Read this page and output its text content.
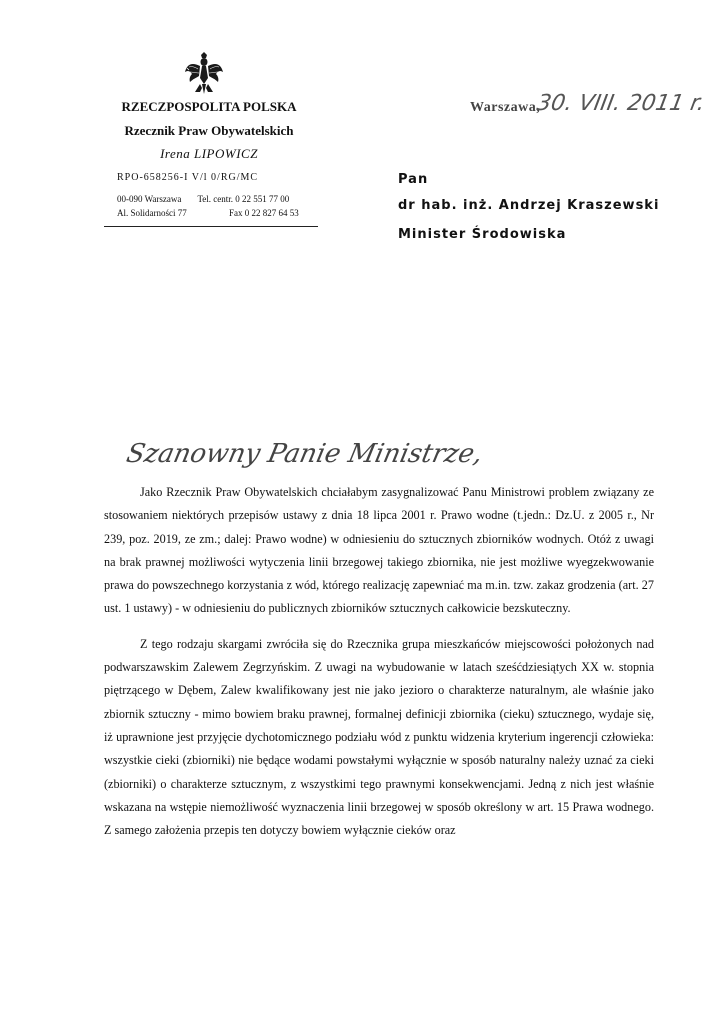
RZECZPOSPOLITA POLSKA
Rzecznik Praw Obywatelskich
Irena LIPOWICZ
RPO-658256-I V/l 0/RG/MC
00-090 Warszawa Tel. centr. 0 22 551 77 00
Al. Solidarności 77	Fax 0 22 827 64 53
Warszawa,
30. VIII. 2011 r.
Pan
dr hab. inż. Andrzej Kraszewski
Minister Środowiska
Szanowny Panie Ministrze,

Jako Rzecznik Praw Obywatelskich chciałabym zasygnalizować Panu Ministrowi problem związany ze stosowaniem niektórych przepisów ustawy z dnia 18 lipca 2001 r. Prawo wodne (t.jedn.: Dz.U. z 2005 r., Nr 239, poz. 2019, ze zm.; dalej: Prawo wodne) w odniesieniu do sztucznych zbiorników wodnych. Otóż z uwagi na brak prawnej możliwości wytyczenia linii brzegowej takiego zbiornika, nie jest możliwe wyegzekwowanie prawa do powszechnego korzystania z wód, którego realizację zapewniać ma m.in. tzw. zakaz grodzenia (art. 27 ust. 1 ustawy) - w odniesieniu do publicznych zbiorników sztucznych całkowicie bezskuteczny.

Z tego rodzaju skargami zwróciła się do Rzecznika grupa mieszkańców miejscowości położonych nad podwarszawskim Zalewem Zegrzyńskim. Z uwagi na wybudowanie w latach sześćdziesiątych XX w. stopnia piętrzącego w Dębem, Zalew kwalifikowany jest nie jako jezioro o charakterze naturalnym, ale właśnie jako zbiornik sztuczny - mimo bowiem braku prawnej, formalnej definicji zbiornika (cieku) sztucznego, wydaje się, iż uprawnione jest przyjęcie dychotomicznego podziału wód z punktu widzenia kryterium ingerencji człowieka: wszystkie cieki (zbiorniki) nie będące wodami powstałymi wyłącznie w sposób naturalny należy uznać za cieki (zbiorniki) o charakterze sztucznym, z wszystkimi tego prawnymi konsekwencjami. Jedną z nich jest właśnie wskazana na wstępie niemożliwość wyznaczenia linii brzegowej w sposób określony w art. 15 Prawa wodnego. Z samego założenia przepis ten dotyczy bowiem wyłącznie cieków oraz
